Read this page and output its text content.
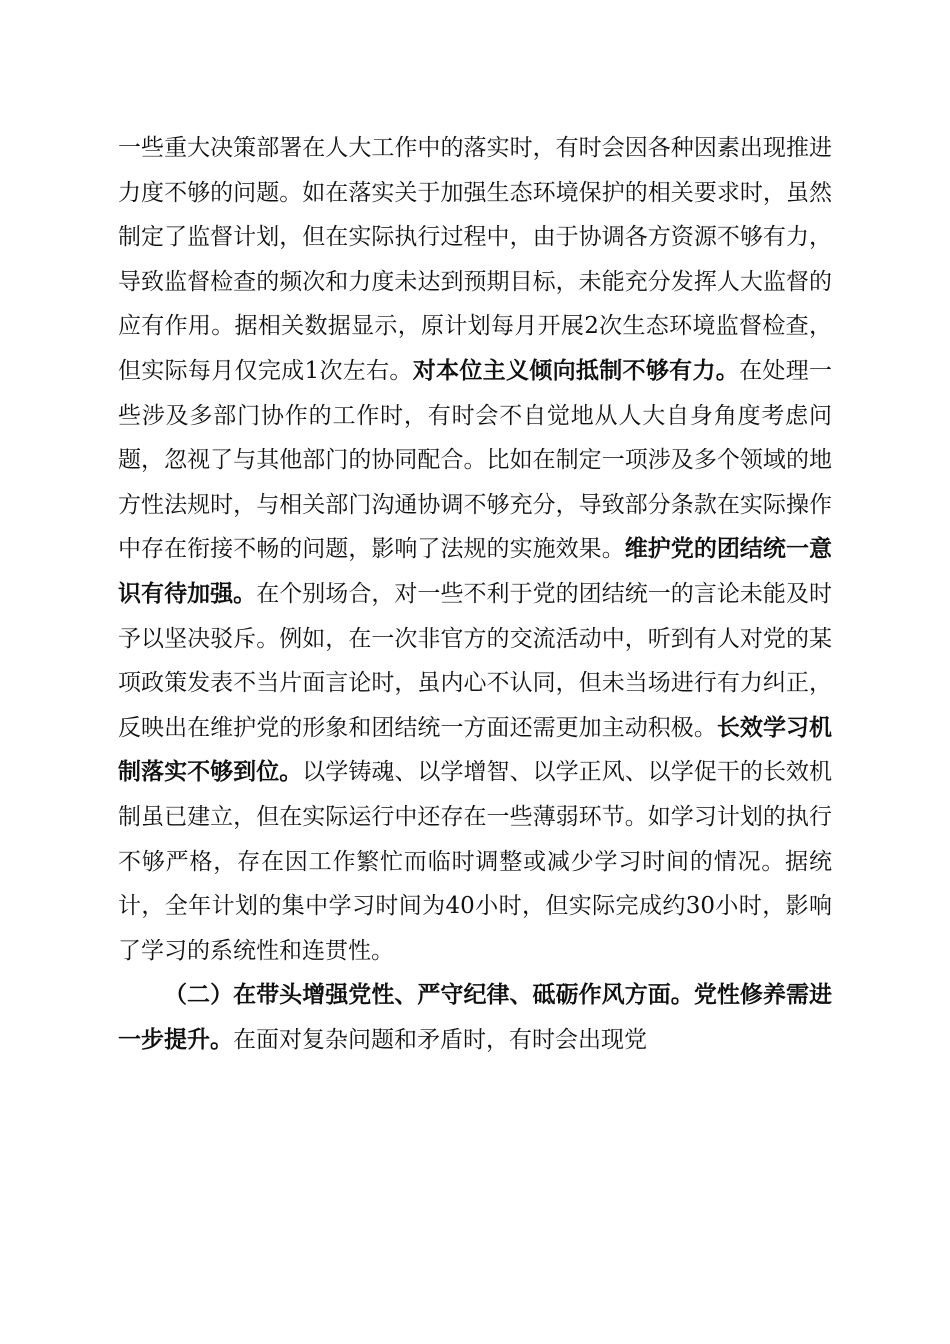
一些重大决策部署在人大工作中的落实时，有时会因各种因素出现推进力度不够的问题。如在落实关于加强生态环境保护的相关要求时，虽然制定了监督计划，但在实际执行过程中，由于协调各方资源不够有力，导致监督检查的频次和力度未达到预期目标，未能充分发挥人大监督的应有作用。据相关数据显示，原计划每月开展2次生态环境监督检查，但实际每月仅完成1次左右。对本位主义倾向抵制不够有力。在处理一些涉及多部门协作的工作时，有时会不自觉地从人大自身角度考虑问题，忽视了与其他部门的协同配合。比如在制定一项涉及多个领域的地方性法规时，与相关部门沟通协调不够充分，导致部分条款在实际操作中存在衔接不畅的问题，影响了法规的实施效果。维护党的团结统一意识有待加强。在个别场合，对一些不利于党的团结统一的言论未能及时予以坚决驳斥。例如，在一次非官方的交流活动中，听到有人对党的某项政策发表不当片面言论时，虽内心不认同，但未当场进行有力纠正，反映出在维护党的形象和团结统一方面还需更加主动积极。长效学习机制落实不够到位。以学铸魂、以学增智、以学正风、以学促干的长效机制虽已建立，但在实际运行中还存在一些薄弱环节。如学习计划的执行不够严格，存在因工作繁忙而临时调整或减少学习时间的情况。据统计，全年计划的集中学习时间为40小时，但实际完成约30小时，影响了学习的系统性和连贯性。

（二）在带头增强党性、严守纪律、砥砺作风方面。党性修养需进一步提升。在面对复杂问题和矛盾时，有时会出现党
